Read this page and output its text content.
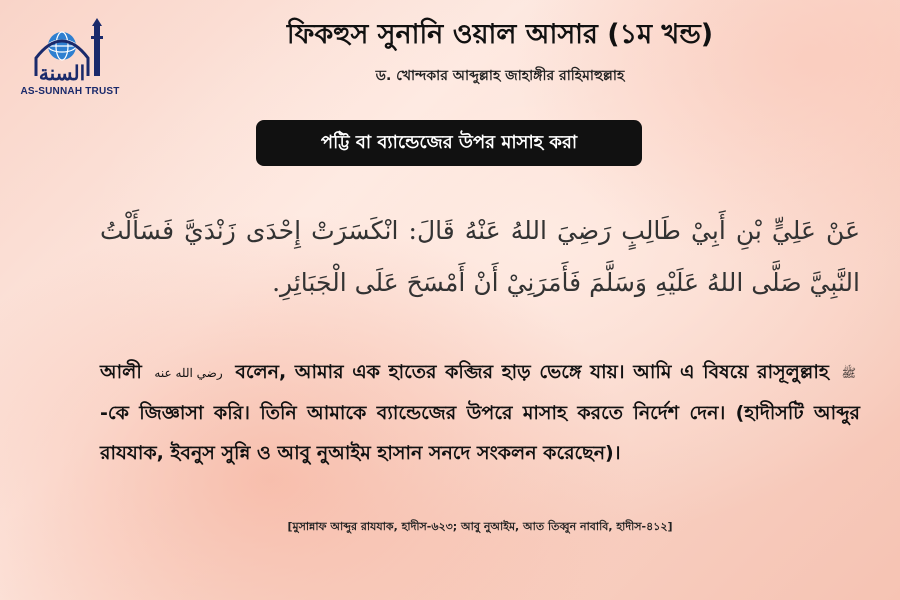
السنة
AS-SUNNAH TRUST
ফিকহুস সুনানি ওয়াল আসার (১ম খন্ড)
ড. খোন্দকার আব্দুল্লাহ জাহাঙ্গীর রাহিমাহুল্লাহ
পট্টি বা ব্যান্ডেজের উপর মাসাহ করা
عَنْ عَلِيٍّ بْنِ أَبِيْ طَالِبٍ رَضِيَ اللهُ عَنْهُ قَالَ: انْكَسَرَتْ إِحْدَى زَنْدَيَّ فَسَأَلْتُ النَّبِيَّ صَلَّى اللهُ عَلَيْهِ وَسَلَّمَ فَأَمَرَنِيْ أَنْ أَمْسَحَ عَلَى الْجَبَائِرِ.
আলী رضي الله عنه বলেন, আমার এক হাতের কব্জির হাড় ভেঙ্গে যায়। আমি এ বিষয়ে রাসূলুল্লাহ ﷺ -কে জিজ্ঞাসা করি। তিনি আমাকে ব্যান্ডেজের উপরে মাসাহ করতে নির্দেশ দেন। (হাদীসটি আব্দুর রাযযাক, ইবনুস সুন্নি ও আবু নুআইম হাসান সনদে সংকলন করেছেন)।
[মুসান্নাফ আব্দুর রাযযাক, হাদীস-৬২৩; আবু নুআইম, আত তিব্বুন নাবাবি, হাদীস-৪১২]
